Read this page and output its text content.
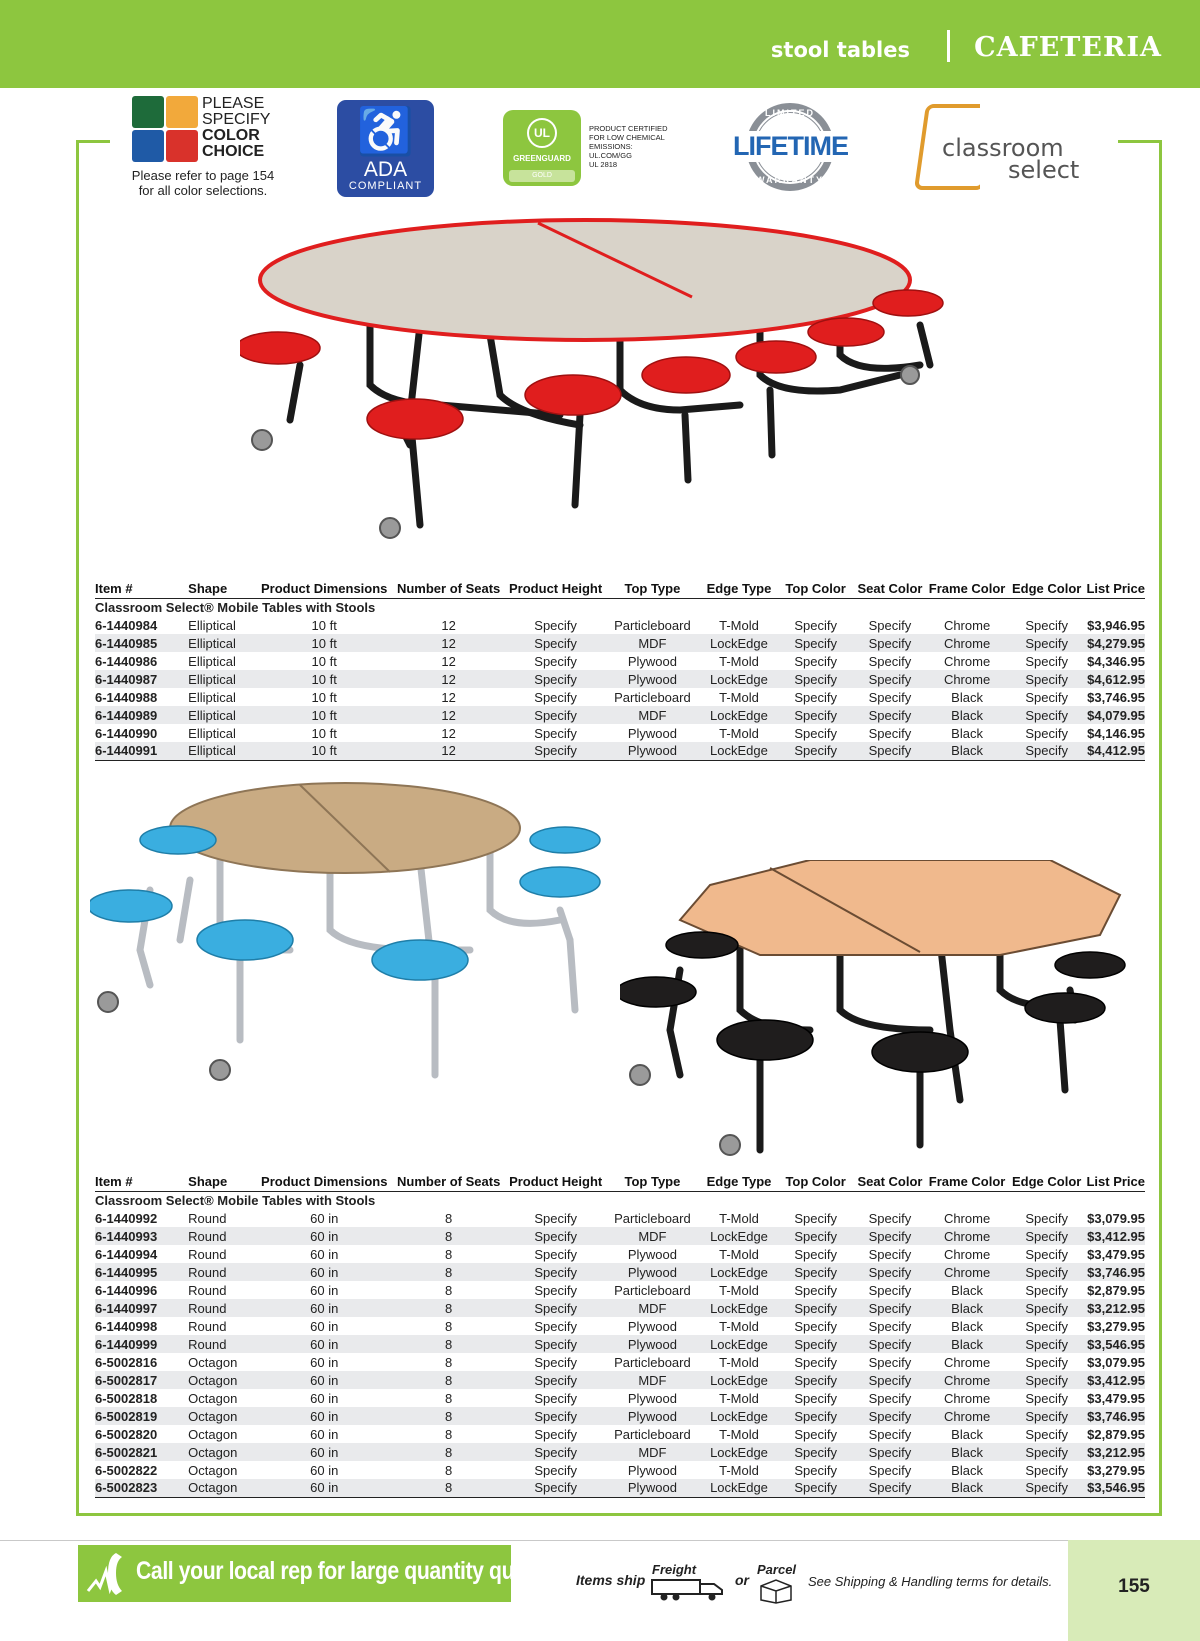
stool tables CAFETERIA
PLEASE
SPECIFY
COLOR
CHOICE
Please refer to page 154 for all color selections.
♿
ADA
COMPLIANT
UL
GREENGUARD
GOLD
PRODUCT CERTIFIED
FOR LOW CHEMICAL
EMISSIONS:
UL.COM/GG
UL 2818
LIMITED
LIFETIME
WARRANTY
classroom
select
Item #	Shape	Product Dimensions	Number of Seats	Product Height	Top Type	Edge Type	Top Color	Seat Color	Frame Color	Edge Color	List Price
Classroom Select® Mobile Tables with Stools											
6-1440984	Elliptical	10 ft	12	Specify	Particleboard	T-Mold	Specify	Specify	Chrome	Specify	$3,946.95
6-1440985	Elliptical	10 ft	12	Specify	MDF	LockEdge	Specify	Specify	Chrome	Specify	$4,279.95
6-1440986	Elliptical	10 ft	12	Specify	Plywood	T-Mold	Specify	Specify	Chrome	Specify	$4,346.95
6-1440987	Elliptical	10 ft	12	Specify	Plywood	LockEdge	Specify	Specify	Chrome	Specify	$4,612.95
6-1440988	Elliptical	10 ft	12	Specify	Particleboard	T-Mold	Specify	Specify	Black	Specify	$3,746.95
6-1440989	Elliptical	10 ft	12	Specify	MDF	LockEdge	Specify	Specify	Black	Specify	$4,079.95
6-1440990	Elliptical	10 ft	12	Specify	Plywood	T-Mold	Specify	Specify	Black	Specify	$4,146.95
6-1440991	Elliptical	10 ft	12	Specify	Plywood	LockEdge	Specify	Specify	Black	Specify	$4,412.95
Item #	Shape	Product Dimensions	Number of Seats	Product Height	Top Type	Edge Type	Top Color	Seat Color	Frame Color	Edge Color	List Price
Classroom Select® Mobile Tables with Stools											
6-1440992	Round	60 in	8	Specify	Particleboard	T-Mold	Specify	Specify	Chrome	Specify	$3,079.95
6-1440993	Round	60 in	8	Specify	MDF	LockEdge	Specify	Specify	Chrome	Specify	$3,412.95
6-1440994	Round	60 in	8	Specify	Plywood	T-Mold	Specify	Specify	Chrome	Specify	$3,479.95
6-1440995	Round	60 in	8	Specify	Plywood	LockEdge	Specify	Specify	Chrome	Specify	$3,746.95
6-1440996	Round	60 in	8	Specify	Particleboard	T-Mold	Specify	Specify	Black	Specify	$2,879.95
6-1440997	Round	60 in	8	Specify	MDF	LockEdge	Specify	Specify	Black	Specify	$3,212.95
6-1440998	Round	60 in	8	Specify	Plywood	T-Mold	Specify	Specify	Black	Specify	$3,279.95
6-1440999	Round	60 in	8	Specify	Plywood	LockEdge	Specify	Specify	Black	Specify	$3,546.95
6-5002816	Octagon	60 in	8	Specify	Particleboard	T-Mold	Specify	Specify	Chrome	Specify	$3,079.95
6-5002817	Octagon	60 in	8	Specify	MDF	LockEdge	Specify	Specify	Chrome	Specify	$3,412.95
6-5002818	Octagon	60 in	8	Specify	Plywood	T-Mold	Specify	Specify	Chrome	Specify	$3,479.95
6-5002819	Octagon	60 in	8	Specify	Plywood	LockEdge	Specify	Specify	Chrome	Specify	$3,746.95
6-5002820	Octagon	60 in	8	Specify	Particleboard	T-Mold	Specify	Specify	Black	Specify	$2,879.95
6-5002821	Octagon	60 in	8	Specify	MDF	LockEdge	Specify	Specify	Black	Specify	$3,212.95
6-5002822	Octagon	60 in	8	Specify	Plywood	T-Mold	Specify	Specify	Black	Specify	$3,279.95
6-5002823	Octagon	60 in	8	Specify	Plywood	LockEdge	Specify	Specify	Black	Specify	$3,546.95
155
Call your local rep for large quantity quotes. Items ship
Freight
or
Parcel
See Shipping & Handling terms for details.
